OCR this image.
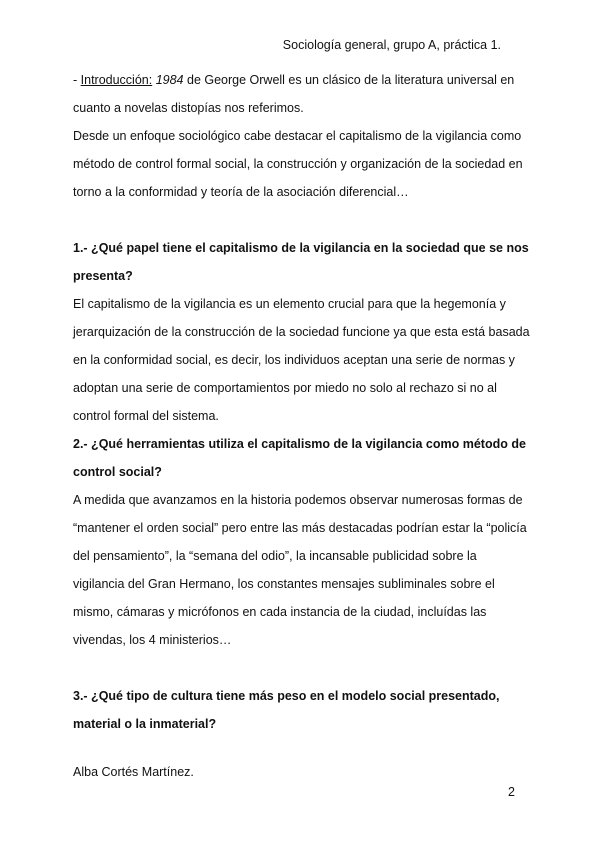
Sociología general, grupo A, práctica 1.

- Introducción: 1984 de George Orwell es un clásico de la literatura universal en cuanto a novelas distopías nos referimos.

Desde un enfoque sociológico cabe destacar el capitalismo de la vigilancia como método de control formal social, la construcción y organización de la sociedad en torno a la conformidad y teoría de la asociación diferencial…

1.- ¿Qué papel tiene el capitalismo de la vigilancia en la sociedad que se nos presenta?

El capitalismo de la vigilancia es un elemento crucial para que la hegemonía y jerarquización de la construcción de la sociedad funcione ya que esta está basada en la conformidad social, es decir, los individuos aceptan una serie de normas y adoptan una serie de comportamientos por miedo no solo al rechazo si no al control formal del sistema.

2.- ¿Qué herramientas utiliza el capitalismo de la vigilancia como método de control social?

A medida que avanzamos en la historia podemos observar numerosas formas de “mantener el orden social” pero entre las más destacadas podrían estar la “policía del pensamiento”, la “semana del odio”, la incansable publicidad sobre la vigilancia del Gran Hermano, los constantes mensajes subliminales sobre el mismo, cámaras y micrófonos en cada instancia de la ciudad, incluídas las vivendas, los 4 ministerios…

3.- ¿Qué tipo de cultura tiene más peso en el modelo social presentado, material o la inmaterial?

Alba Cortés Martínez.

2
